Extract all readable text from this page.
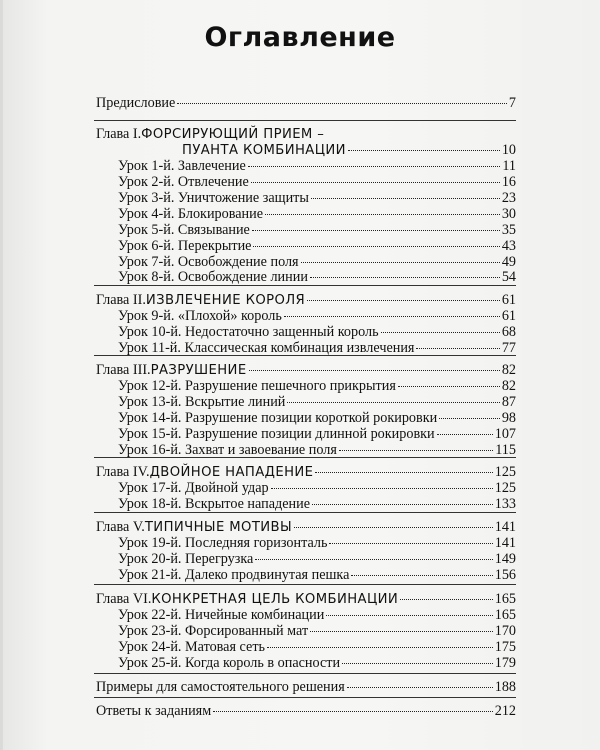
Оглавление
Предисловие	7
Глава I. ФОРСИРУЮЩИЙ ПРИЕМ –
ПУАНТА КОМБИНАЦИИ	10
Урок 1-й. Завлечение	11
Урок 2-й. Отвлечение	16
Урок 3-й. Уничтожение защиты	23
Урок 4-й. Блокирование	30
Урок 5-й. Связывание	35
Урок 6-й. Перекрытие	43
Урок 7-й. Освобождение поля	49
Урок 8-й. Освобождение линии	54
Глава II. ИЗВЛЕЧЕНИЕ КОРОЛЯ	61
Урок 9-й. «Плохой» король	61
Урок 10-й. Недостаточно защенный король	68
Урок 11-й. Классическая комбинация извлечения	77
Глава III. РАЗРУШЕНИЕ	82
Урок 12-й. Разрушение пешечного прикрытия	82
Урок 13-й. Вскрытие линий	87
Урок 14-й. Разрушение позиции короткой рокировки	98
Урок 15-й. Разрушение позиции длинной рокировки	107
Урок 16-й. Захват и завоевание поля	115
Глава IV. ДВОЙНОЕ НАПАДЕНИЕ	125
Урок 17-й. Двойной удар	125
Урок 18-й. Вскрытое нападение	133
Глава V. ТИПИЧНЫЕ МОТИВЫ	141
Урок 19-й. Последняя горизонталь	141
Урок 20-й. Перегрузка	149
Урок 21-й. Далеко продвинутая пешка	156
Глава VI. КОНКРЕТНАЯ ЦЕЛЬ КОМБИНАЦИИ	165
Урок 22-й. Ничейные комбинации	165
Урок 23-й. Форсированный мат	170
Урок 24-й. Матовая сеть	175
Урок 25-й. Когда король в опасности	179
Примеры для самостоятельного решения	188
Ответы к заданиям	212
